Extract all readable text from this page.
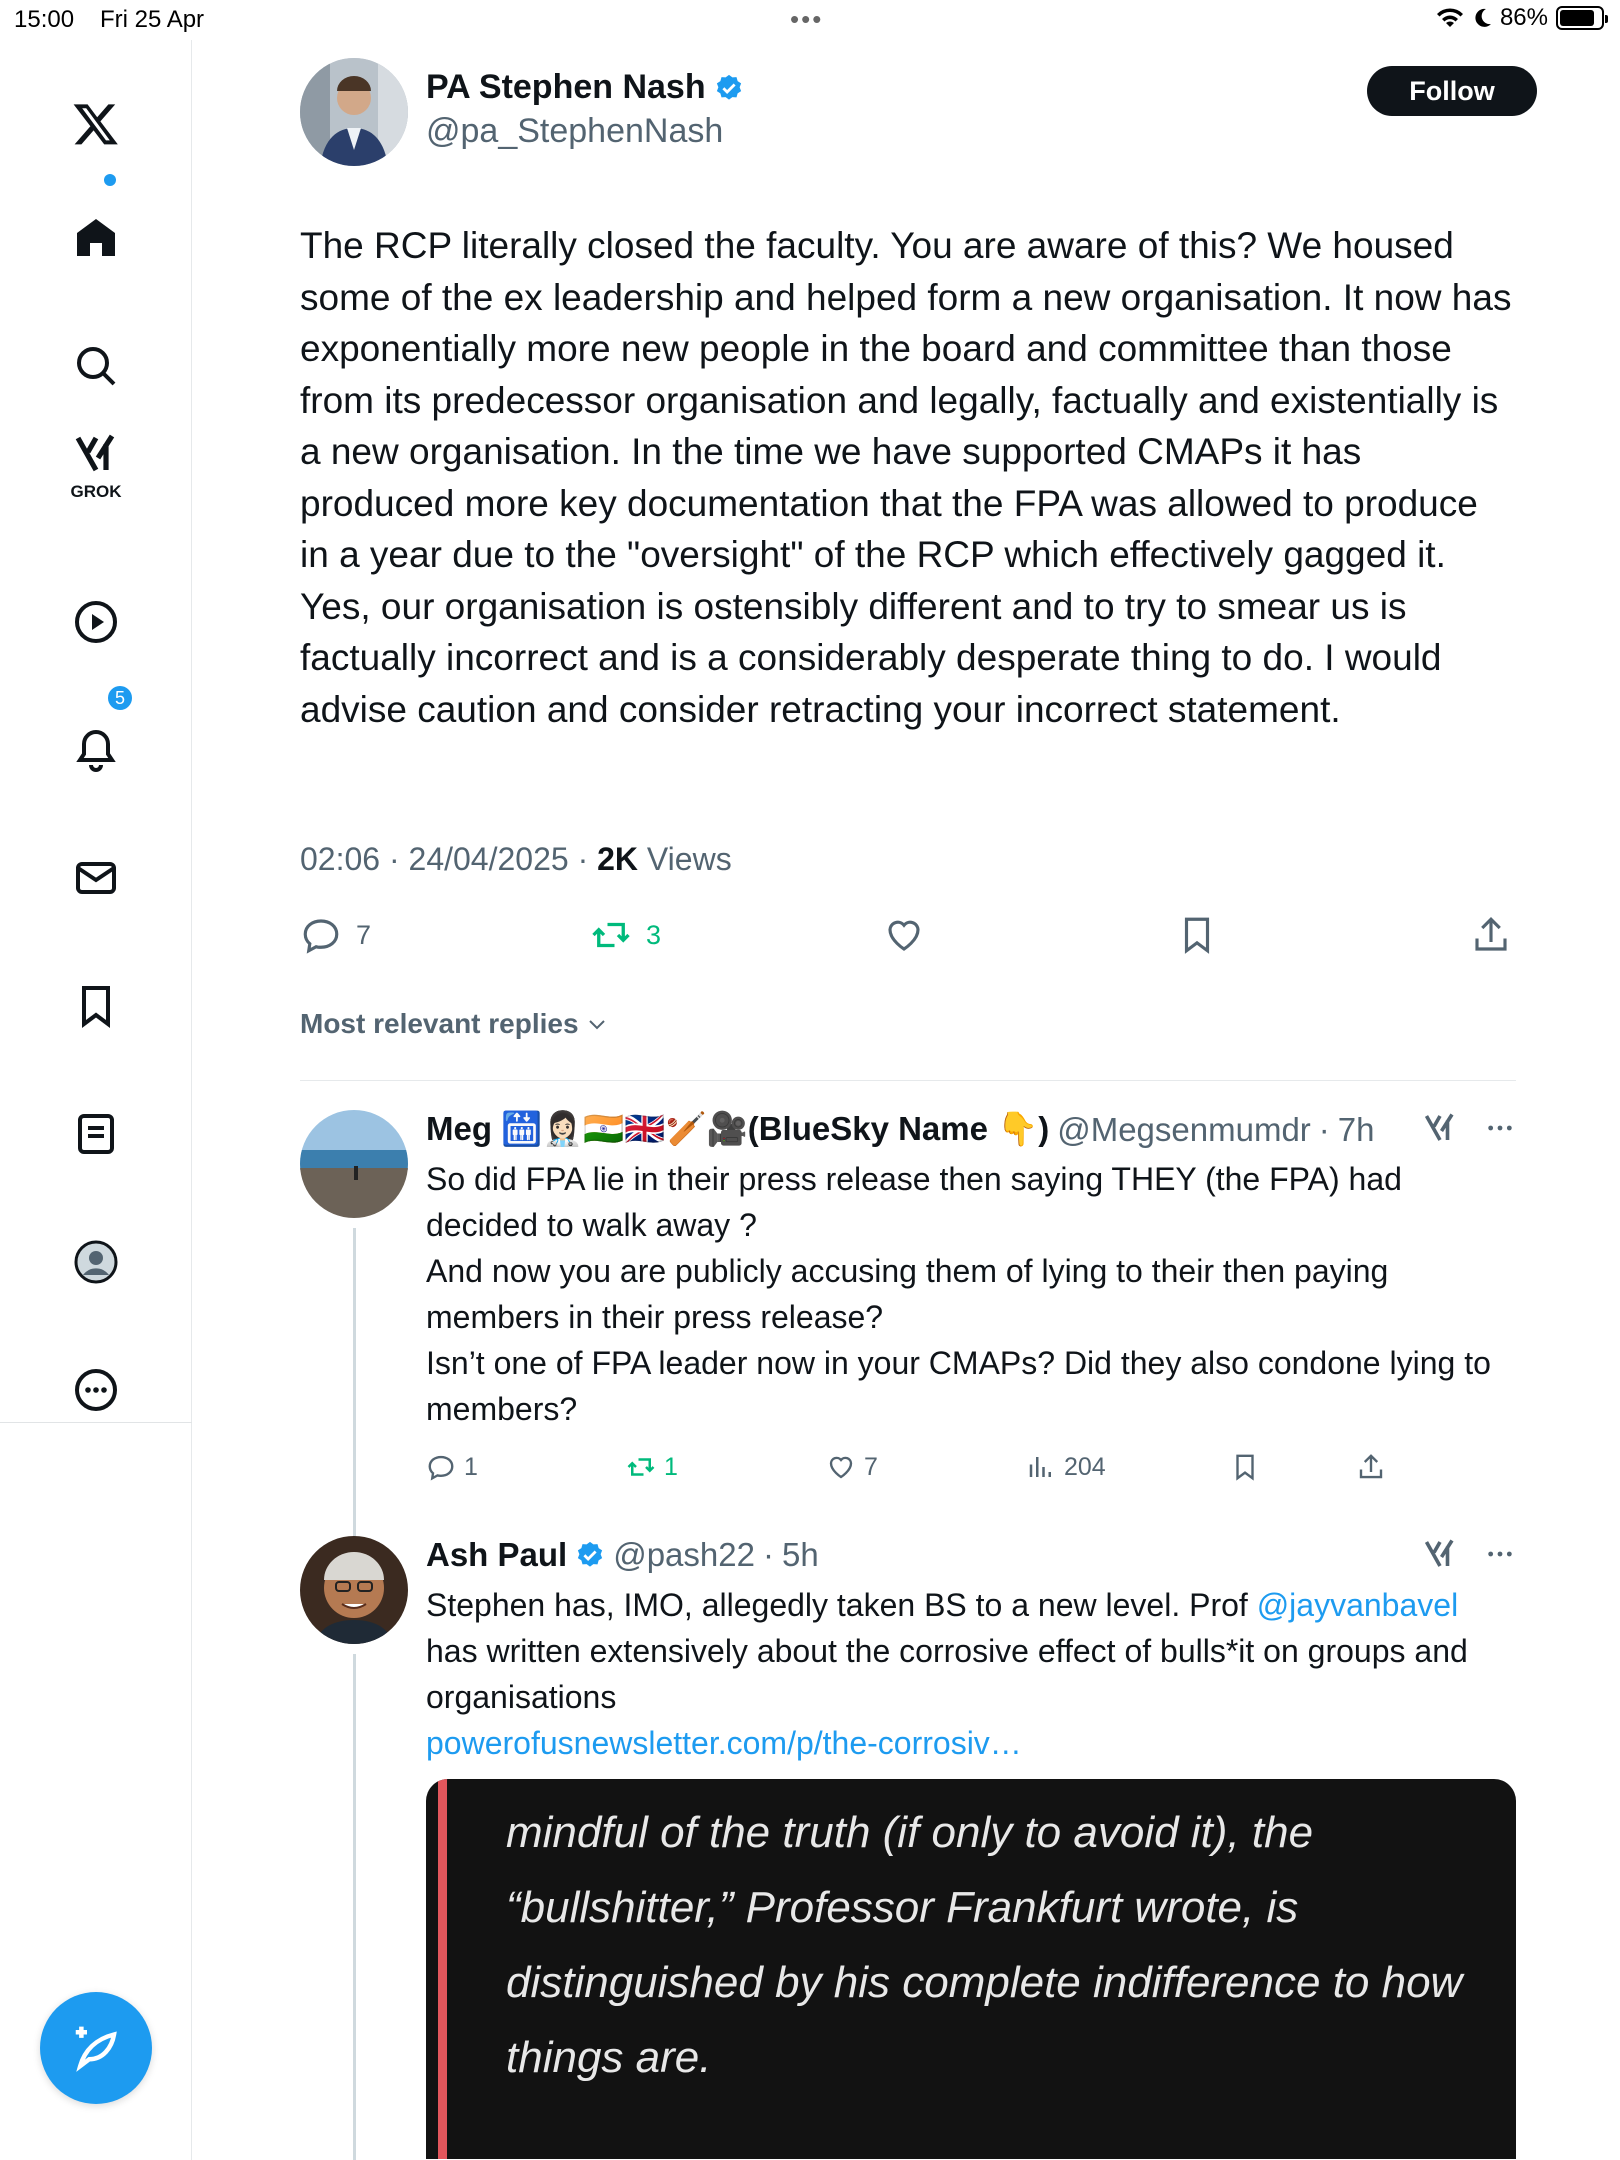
15:00 Fri 25 Apr	•••	86%
GROK
5
PA Stephen Nash
@pa_StephenNash
Follow
The RCP literally closed the faculty. You are aware of this? We housed some of the ex leadership and helped form a new organisation. It now has exponentially more new people in the board and committee than those from its predecessor organisation and legally, factually and existentially is a new organisation. In the time we have supported CMAPs it has produced more key documentation that the FPA was allowed to produce in a year due to the "oversight" of the RCP which effectively gagged it. Yes, our organisation is ostensibly different and to try to smear us is factually incorrect and is a considerably desperate thing to do. I would advise caution and consider retracting your incorrect statement.
02:06 · 24/04/2025 · 2K Views
7	3
Most relevant replies
Meg 🛗👩🏻‍⚕️🇮🇳🇬🇧🏏🎥(BlueSky Name 👇) @Megsenmumdr · 7h
So did FPA lie in their press release then saying THEY (the FPA) had decided to walk away ?
And now you are publicly accusing them of lying to their then paying members in their press release?
Isn’t one of FPA leader now in your CMAPs? Did they also condone lying to members?
1	1	7	204
Ash Paul @pash22 · 5h
Stephen has, IMO, allegedly taken BS to a new level. Prof @jayvanbavel has written extensively about the corrosive effect of bulls*it on groups and organisations
powerofusnewsletter.com/p/the-corrosiv…
mindful of the truth (if only to avoid it), the “bullshitter,” Professor Frankfurt wrote, is distinguished by his complete indifference to how things are.
